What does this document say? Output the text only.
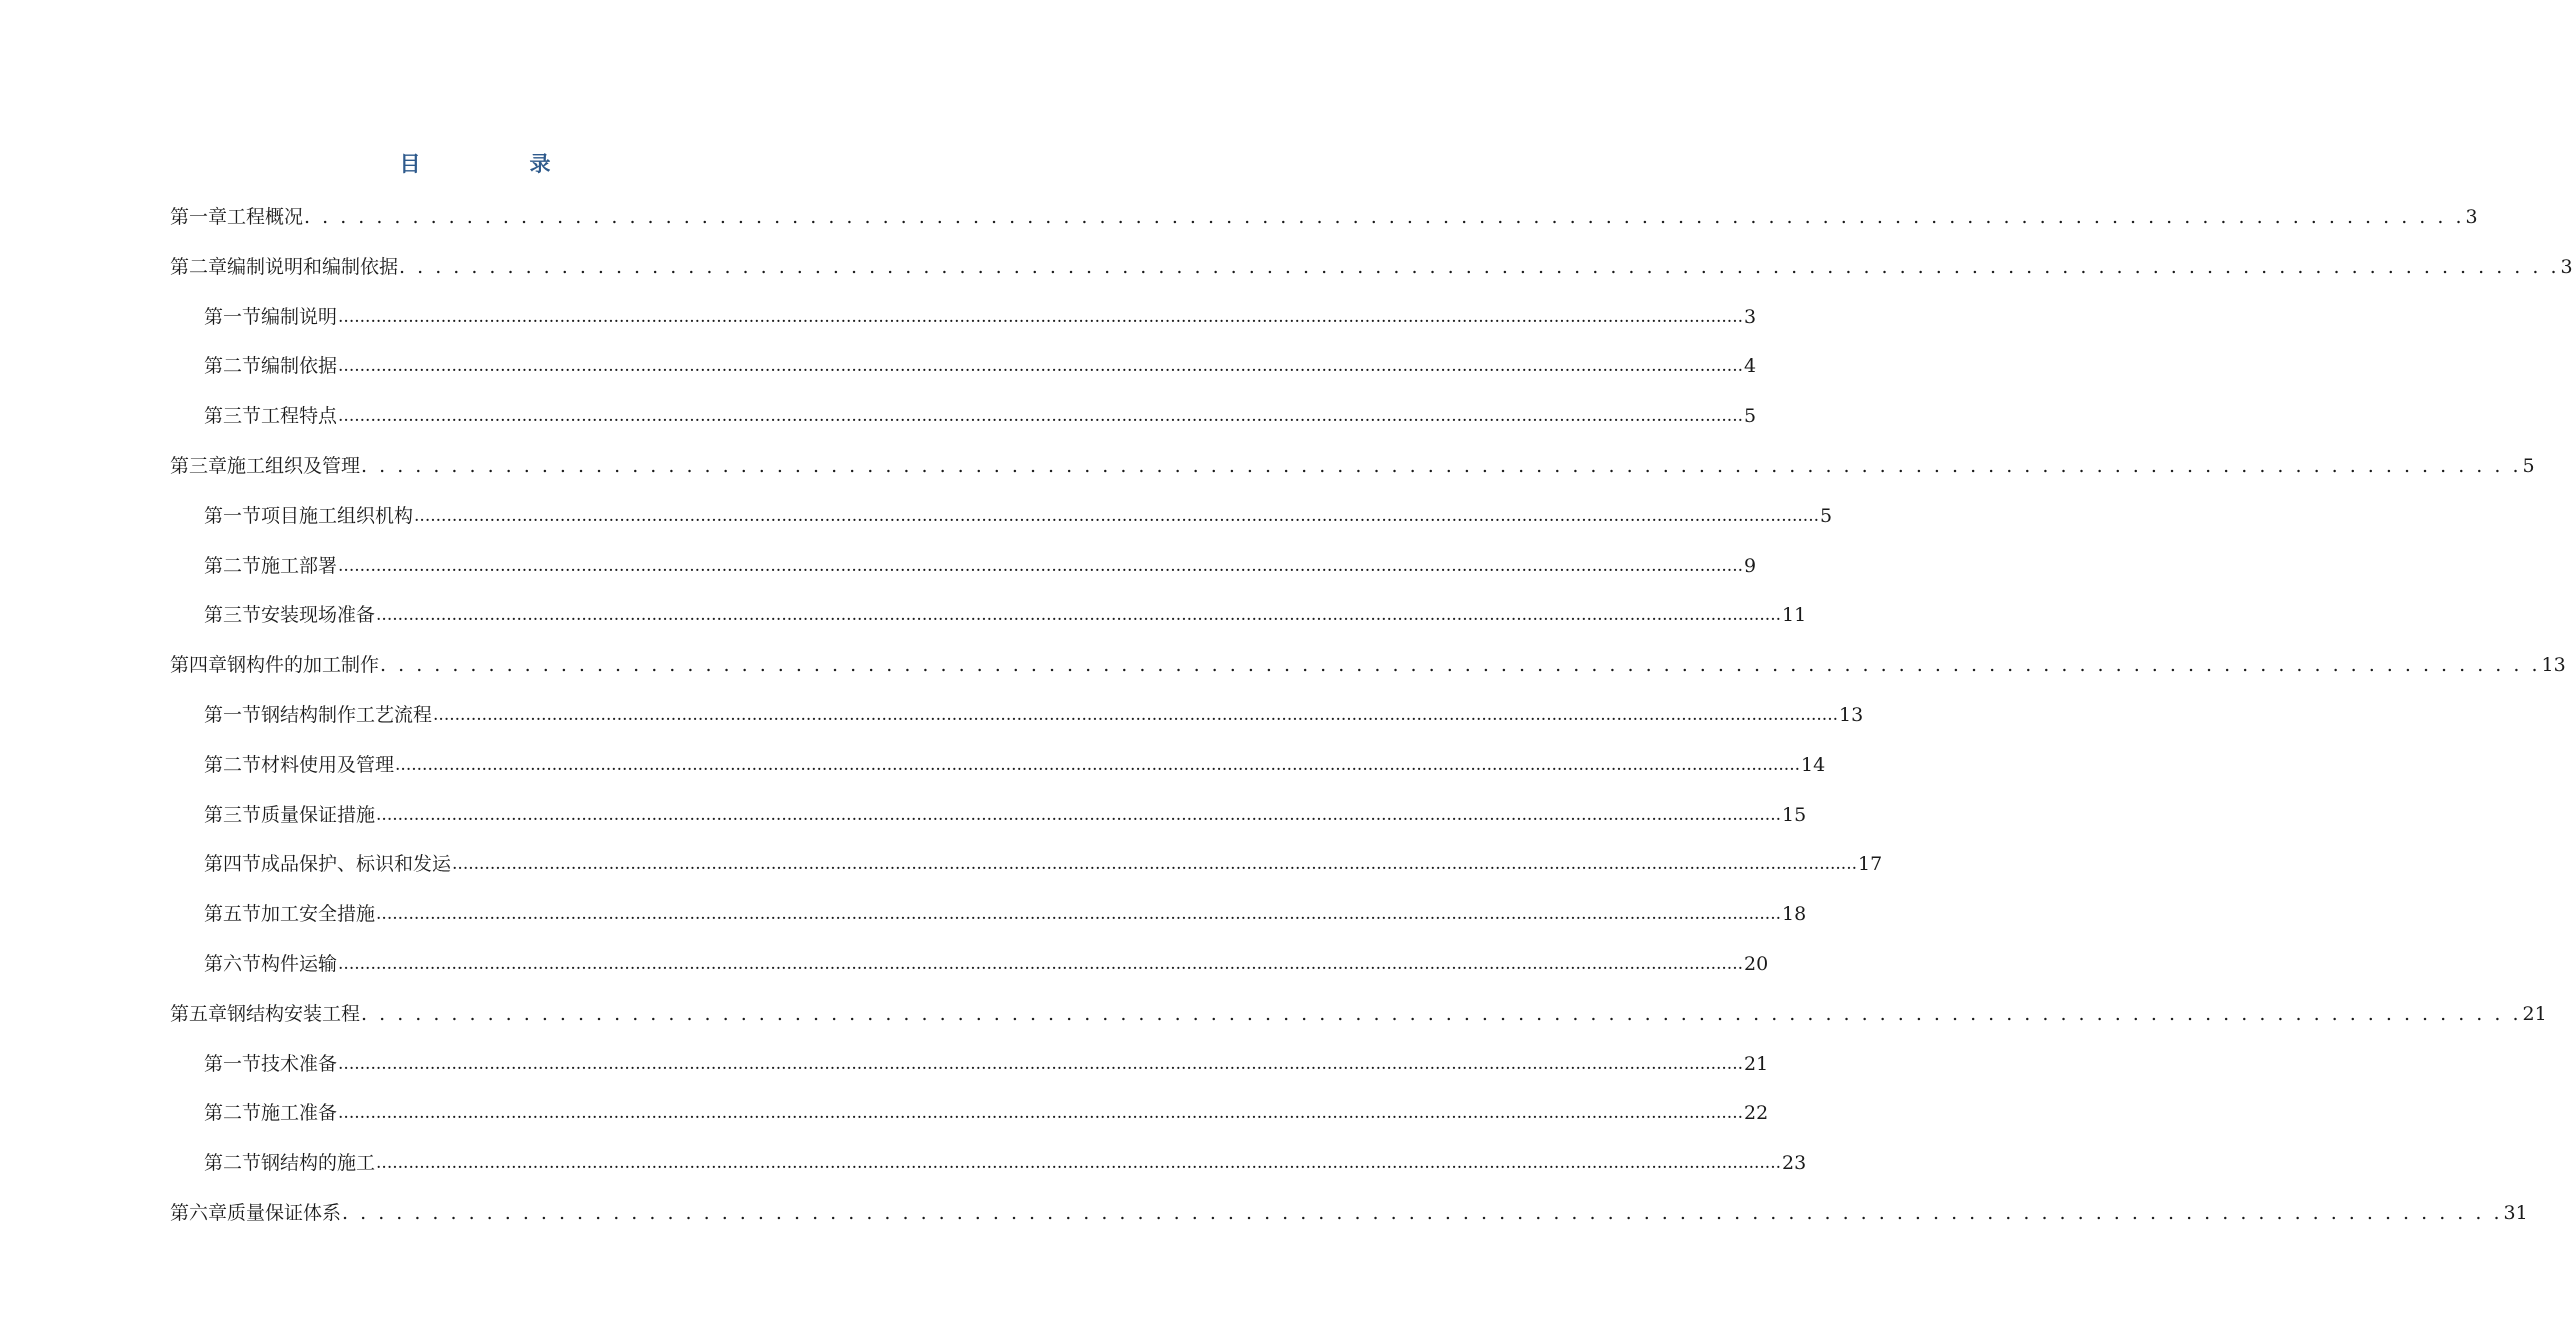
目　录
第一章 工程概况 . . . . . . . . . . . . . . . . . . . . . . . . . . . . . . . . . . . . . . . . . . . . . . . . . . . . . . . . . . . . . . . . . . . . . . . . . . . . . . . . . . . . . . . . . . . . . . . . . . . . . . . . . . . . . . . . . . . . . . . . 3
第二章 编制说明和编制依据 . . . . . . . . . . . . . . . . . . . . . . . . . . . . . . . . . . . . . . . . . . . . . . . . . . . . . . . . . . . . . . . . . . . . . . . . . . . . . . . . . . . . . . . . . . . . . . . . . . . . . . . . . . . . . . . . . . . . . . . . 3
第一节 编制说明 .................................................................................................................................................................................................................................................................... 3
第二节 编制依据 .................................................................................................................................................................................................................................................................... 4
第三节 工程特点 .................................................................................................................................................................................................................................................................... 5
第三章 施工组织及管理 . . . . . . . . . . . . . . . . . . . . . . . . . . . . . . . . . . . . . . . . . . . . . . . . . . . . . . . . . . . . . . . . . . . . . . . . . . . . . . . . . . . . . . . . . . . . . . . . . . . . . . . . . . . . . . . . . . . . . . . . 5
第一节 项目施工组织机构 .................................................................................................................................................................................................................................................................... 5
第二节 施工部署 .................................................................................................................................................................................................................................................................... 9
第三节 安装现场准备 .................................................................................................................................................................................................................................................................... 11
第四章 钢构件的加工制作 . . . . . . . . . . . . . . . . . . . . . . . . . . . . . . . . . . . . . . . . . . . . . . . . . . . . . . . . . . . . . . . . . . . . . . . . . . . . . . . . . . . . . . . . . . . . . . . . . . . . . . . . . . . . . . . . . . . . . . . . 13
第一节 钢结构制作工艺流程 .................................................................................................................................................................................................................................................................... 13
第二节 材料使用及管理 .................................................................................................................................................................................................................................................................... 14
第三节 质量保证措施 .................................................................................................................................................................................................................................................................... 15
第四节 成品保护、标识和发运 .................................................................................................................................................................................................................................................................... 17
第五节 加工安全措施 .................................................................................................................................................................................................................................................................... 18
第六节 构件运输 .................................................................................................................................................................................................................................................................... 20
第五章 钢结构安装工程 . . . . . . . . . . . . . . . . . . . . . . . . . . . . . . . . . . . . . . . . . . . . . . . . . . . . . . . . . . . . . . . . . . . . . . . . . . . . . . . . . . . . . . . . . . . . . . . . . . . . . . . . . . . . . . . . . . . . . . . . 21
第一节 技术准备 .................................................................................................................................................................................................................................................................... 21
第二节 施工准备 .................................................................................................................................................................................................................................................................... 22
第二节 钢结构的施工 .................................................................................................................................................................................................................................................................... 23
第六章 质量保证体系 . . . . . . . . . . . . . . . . . . . . . . . . . . . . . . . . . . . . . . . . . . . . . . . . . . . . . . . . . . . . . . . . . . . . . . . . . . . . . . . . . . . . . . . . . . . . . . . . . . . . . . . . . . . . . . . . . . . . . . . . 31
